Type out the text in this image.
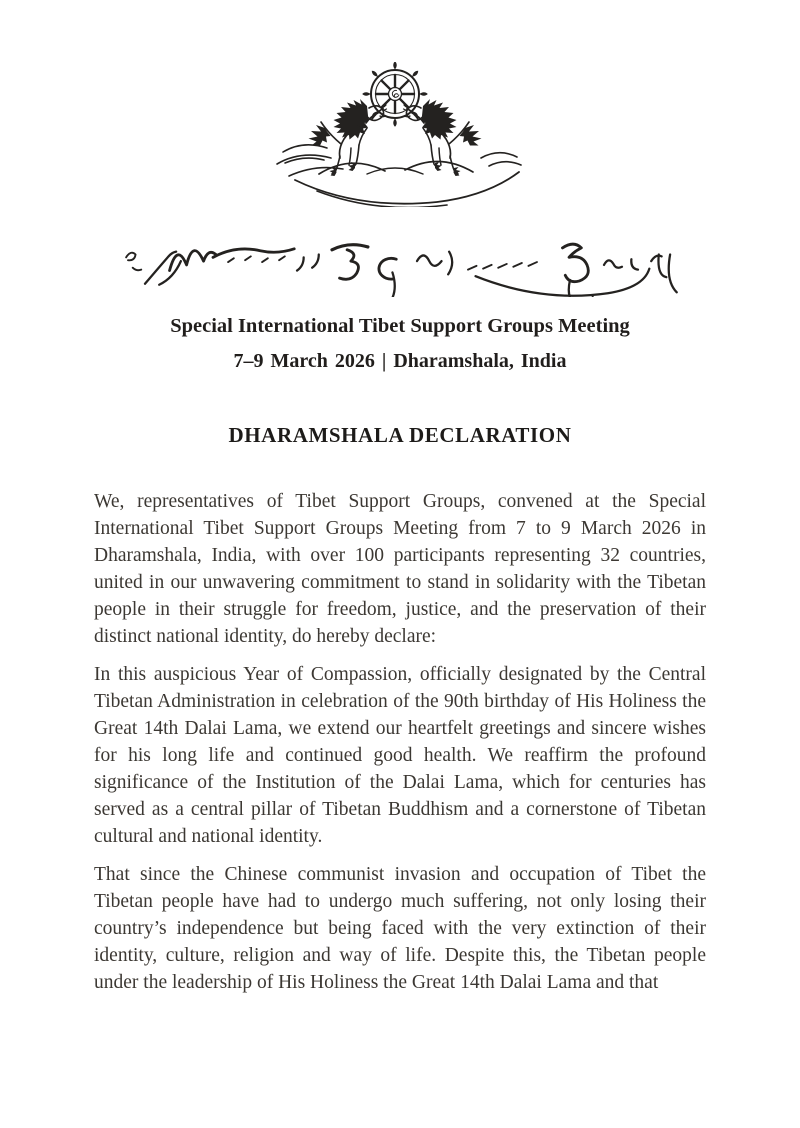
Special International Tibet Support Groups Meeting
7–9 March 2026 | Dharamshala, India
DHARAMSHALA DECLARATION

We, representatives of Tibet Support Groups, convened at the Special International Tibet Support Groups Meeting from 7 to 9 March 2026 in Dharamshala, India, with over 100 participants representing 32 countries, united in our unwavering commitment to stand in solidarity with the Tibetan people in their struggle for freedom, justice, and the preservation of their distinct national identity, do hereby declare:

In this auspicious Year of Compassion, officially designated by the Central Tibetan Administration in celebration of the 90th birthday of His Holiness the Great 14th Dalai Lama, we extend our heartfelt greetings and sincere wishes for his long life and continued good health. We reaffirm the profound significance of the Institution of the Dalai Lama, which for centuries has served as a central pillar of Tibetan Buddhism and a cornerstone of Tibetan cultural and national identity.

That since the Chinese communist invasion and occupation of Tibet the Tibetan people have had to undergo much suffering, not only losing their country’s independence but being faced with the very extinction of their identity, culture, religion and way of life. Despite this, the Tibetan people under the leadership of His Holiness the Great 14th Dalai Lama and that
